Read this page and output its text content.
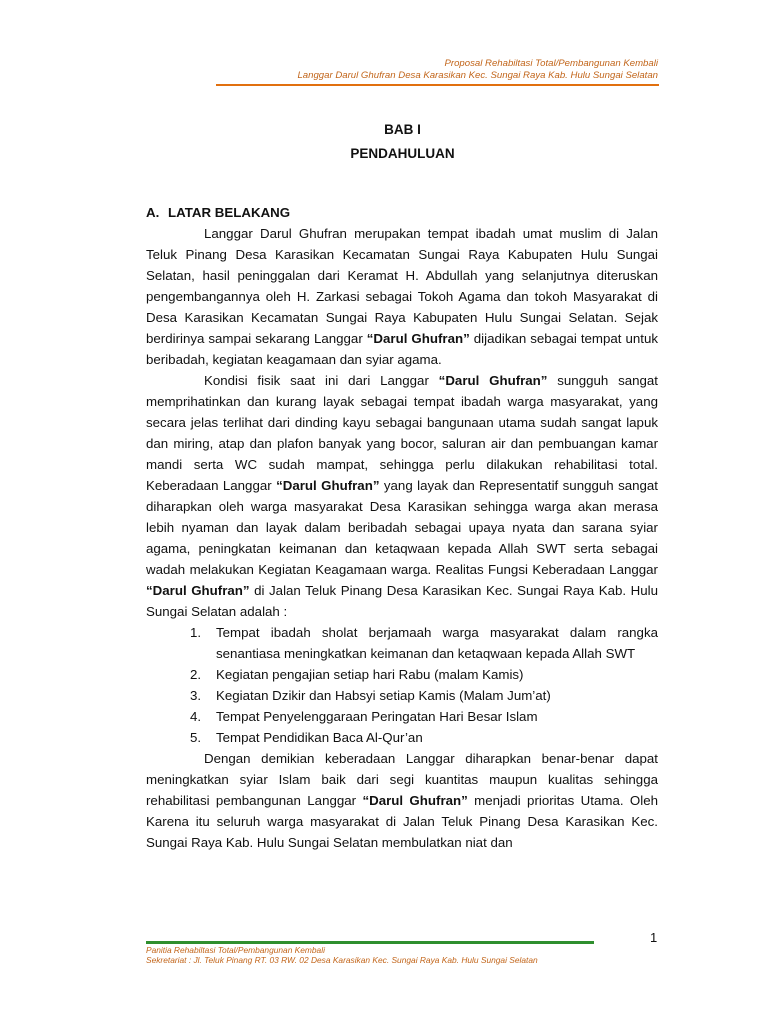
Proposal Rehabiltasi Total/Pembangunan Kembali
Langgar Darul Ghufran Desa Karasikan Kec. Sungai Raya Kab. Hulu Sungai Selatan
BAB I
PENDAHULUAN
A. LATAR BELAKANG

Langgar Darul Ghufran merupakan tempat ibadah umat muslim di Jalan Teluk Pinang Desa Karasikan Kecamatan Sungai Raya Kabupaten Hulu Sungai Selatan, hasil peninggalan dari Keramat H. Abdullah yang selanjutnya diteruskan pengembangannya oleh H. Zarkasi sebagai Tokoh Agama dan tokoh Masyarakat di Desa Karasikan Kecamatan Sungai Raya Kabupaten Hulu Sungai Selatan. Sejak berdirinya sampai sekarang Langgar “Darul Ghufran” dijadikan sebagai tempat untuk beribadah, kegiatan keagamaan dan syiar agama.

Kondisi fisik saat ini dari Langgar “Darul Ghufran” sungguh sangat memprihatinkan dan kurang layak sebagai tempat ibadah warga masyarakat, yang secara jelas terlihat dari dinding kayu sebagai bangunaan utama sudah sangat lapuk dan miring, atap dan plafon banyak yang bocor, saluran air dan pembuangan kamar mandi serta WC sudah mampat, sehingga perlu dilakukan rehabilitasi total. Keberadaan Langgar “Darul Ghufran” yang layak dan Representatif sungguh sangat diharapkan oleh warga masyarakat Desa Karasikan sehingga warga akan merasa lebih nyaman dan layak dalam beribadah sebagai upaya nyata dan sarana syiar agama, peningkatan keimanan dan ketaqwaan kepada Allah SWT serta sebagai wadah melakukan Kegiatan Keagamaan warga. Realitas Fungsi Keberadaan Langgar “Darul Ghufran” di Jalan Teluk Pinang Desa Karasikan Kec. Sungai Raya Kab. Hulu Sungai Selatan adalah :

1.	Tempat ibadah sholat berjamaah warga masyarakat dalam rangka senantiasa meningkatkan keimanan dan ketaqwaan kepada Allah SWT
2.	Kegiatan pengajian setiap hari Rabu (malam Kamis)
3.	Kegiatan Dzikir dan Habsyi setiap Kamis (Malam Jum’at)
4.	Tempat Penyelenggaraan Peringatan Hari Besar Islam
5.	Tempat Pendidikan Baca Al-Qur’an

Dengan demikian keberadaan Langgar diharapkan benar-benar dapat meningkatkan syiar Islam baik dari segi kuantitas maupun kualitas sehingga rehabilitasi pembangunan Langgar “Darul Ghufran” menjadi prioritas Utama. Oleh Karena itu seluruh warga masyarakat di Jalan Teluk Pinang Desa Karasikan Kec. Sungai Raya Kab. Hulu Sungai Selatan membulatkan niat dan

1
Panitia Rehabiltasi Total/Pembangunan Kembali
Sekretariat : Jl. Teluk Pinang RT. 03 RW. 02 Desa Karasikan Kec. Sungai Raya Kab. Hulu Sungai Selatan
